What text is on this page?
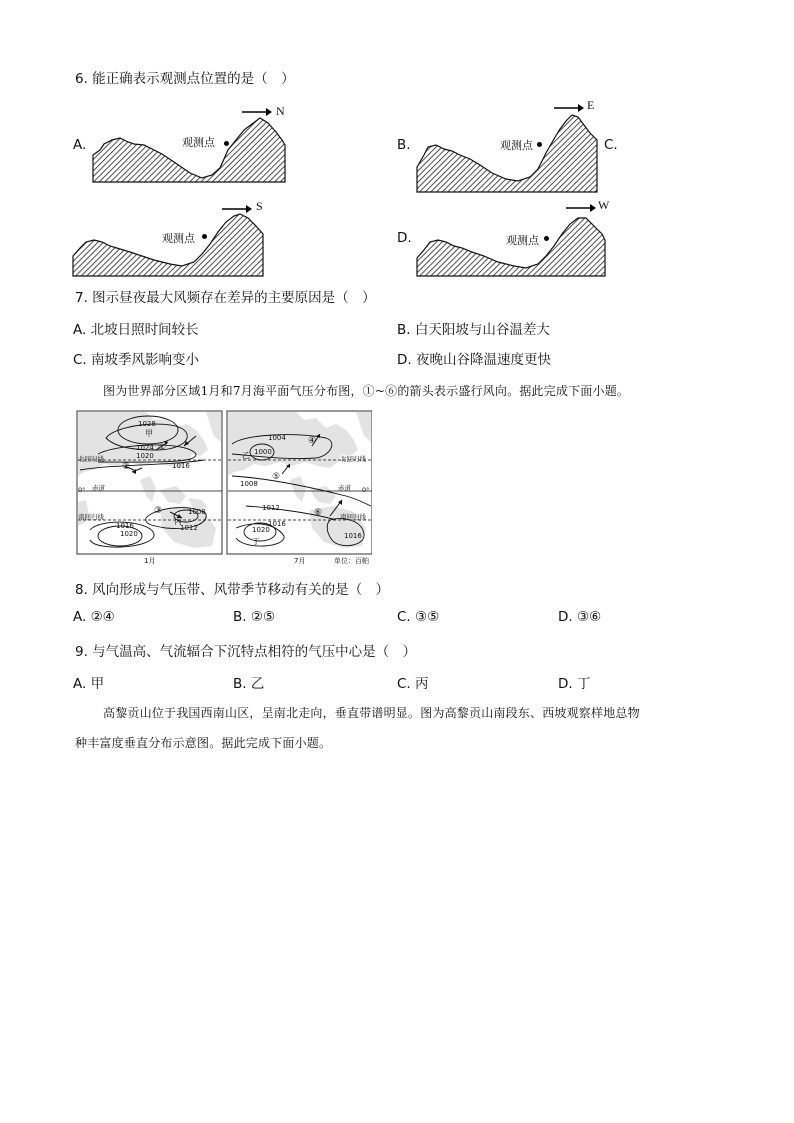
6. 能正确表示观测点位置的是（　）
A.	观测点
N
B.	观测点
E
C.
观测点
S
D.	观测点
W
7. 图示昼夜最大风频存在差异的主要原因是（　）
A. 北坡日照时间较长	B. 白天阳坡与山谷温差大
C. 南坡季风影响变小	D. 夜晚山谷降温速度更快
图为世界部分区域1月和7月海平面气压分布图，①~⑥的箭头表示盛行风向。据此完成下面小题。
1028
甲
1024
1020
1016
①
②
北回归线
0° 赤道
南回归线
③	1008
丙
1012
1016
1020
1月
1004
1000
乙
④
⑤
北回归线
1008	赤道 0°
1012	⑥	南回归线
1016
1020
丁
1016
7月	单位：百帕
8. 风向形成与气压带、风带季节移动有关的是（　）
A. ②④	B. ②⑤	C. ③⑤	D. ③⑥
9. 与气温高、气流辐合下沉特点相符的气压中心是（　）
A. 甲	B. 乙	C. 丙	D. 丁
高黎贡山位于我国西南山区，呈南北走向，垂直带谱明显。图为高黎贡山南段东、西坡观察样地总物
种丰富度垂直分布示意图。据此完成下面小题。
